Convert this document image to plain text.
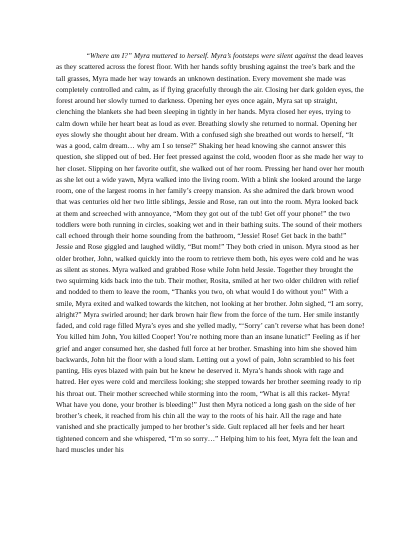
“Where am I?” Myra muttered to herself. Myra’s footsteps were silent against the dead leaves as they scattered across the forest floor. With her hands softly brushing against the tree’s bark and the tall grasses, Myra made her way towards an unknown destination. Every movement she made was completely controlled and calm, as if flying gracefully through the air. Closing her dark golden eyes, the forest around her slowly turned to darkness. Opening her eyes once again, Myra sat up straight, clenching the blankets she had been sleeping in tightly in her hands. Myra closed her eyes, trying to calm down while her heart beat as loud as ever. Breathing slowly she returned to normal. Opening her eyes slowly she thought about her dream. With a confused sigh she breathed out words to herself, “It was a good, calm dream… why am I so tense?” Shaking her head knowing she cannot answer this question, she slipped out of bed. Her feet pressed against the cold, wooden floor as she made her way to her closet. Slipping on her favorite outfit, she walked out of her room. Pressing her hand over her mouth as she let out a wide yawn, Myra walked into the living room. With a blink she looked around the large room, one of the largest rooms in her family’s creepy mansion. As she admired the dark brown wood that was centuries old her two little siblings, Jessie and Rose, ran out into the room. Myra looked back at them and screeched with annoyance, “Mom they got out of the tub! Get off your phone!” the two toddlers were both running in circles, soaking wet and in their bathing suits. The sound of their mothers call echoed through their home sounding from the bathroom, “Jessie! Rose! Get back in the bath!” Jessie and Rose giggled and laughed wildly, “But mom!” They both cried in unison. Myra stood as her older brother, John, walked quickly into the room to retrieve them both, his eyes were cold and he was as silent as stones. Myra walked and grabbed Rose while John held Jessie. Together they brought the two squirming kids back into the tub. Their mother, Rosita, smiled at her two older children with relief and nodded to them to leave the room, “Thanks you two, oh what would I do without you!” With a smile, Myra exited and walked towards the kitchen, not looking at her brother. John sighed, “I am sorry, alright?” Myra swirled around; her dark brown hair flew from the force of the turn. Her smile instantly faded, and cold rage filled Myra’s eyes and she yelled madly, “‘Sorry’ can’t reverse what has been done! You killed him John, You killed Cooper! You’re nothing more than an insane lunatic!” Feeling as if her grief and anger consumed her, she dashed full force at her brother. Smashing into him she shoved him backwards, John hit the floor with a loud slam. Letting out a yowl of pain, John scrambled to his feet panting, His eyes blazed with pain but he knew he deserved it. Myra’s hands shook with rage and hatred. Her eyes were cold and merciless looking; she stepped towards her brother seeming ready to rip his throat out. Their mother screeched while storming into the room, “What is all this racket- Myra! What have you done, your brother is bleeding!” Just then Myra noticed a long gash on the side of her brother’s cheek, it reached from his chin all the way to the roots of his hair. All the rage and hate vanished and she practically jumped to her brother’s side. Gult replaced all her feels and her heart tightened concern and she whispered, “I’m so sorry…” Helping him to his feet, Myra felt the lean and hard muscles under his
